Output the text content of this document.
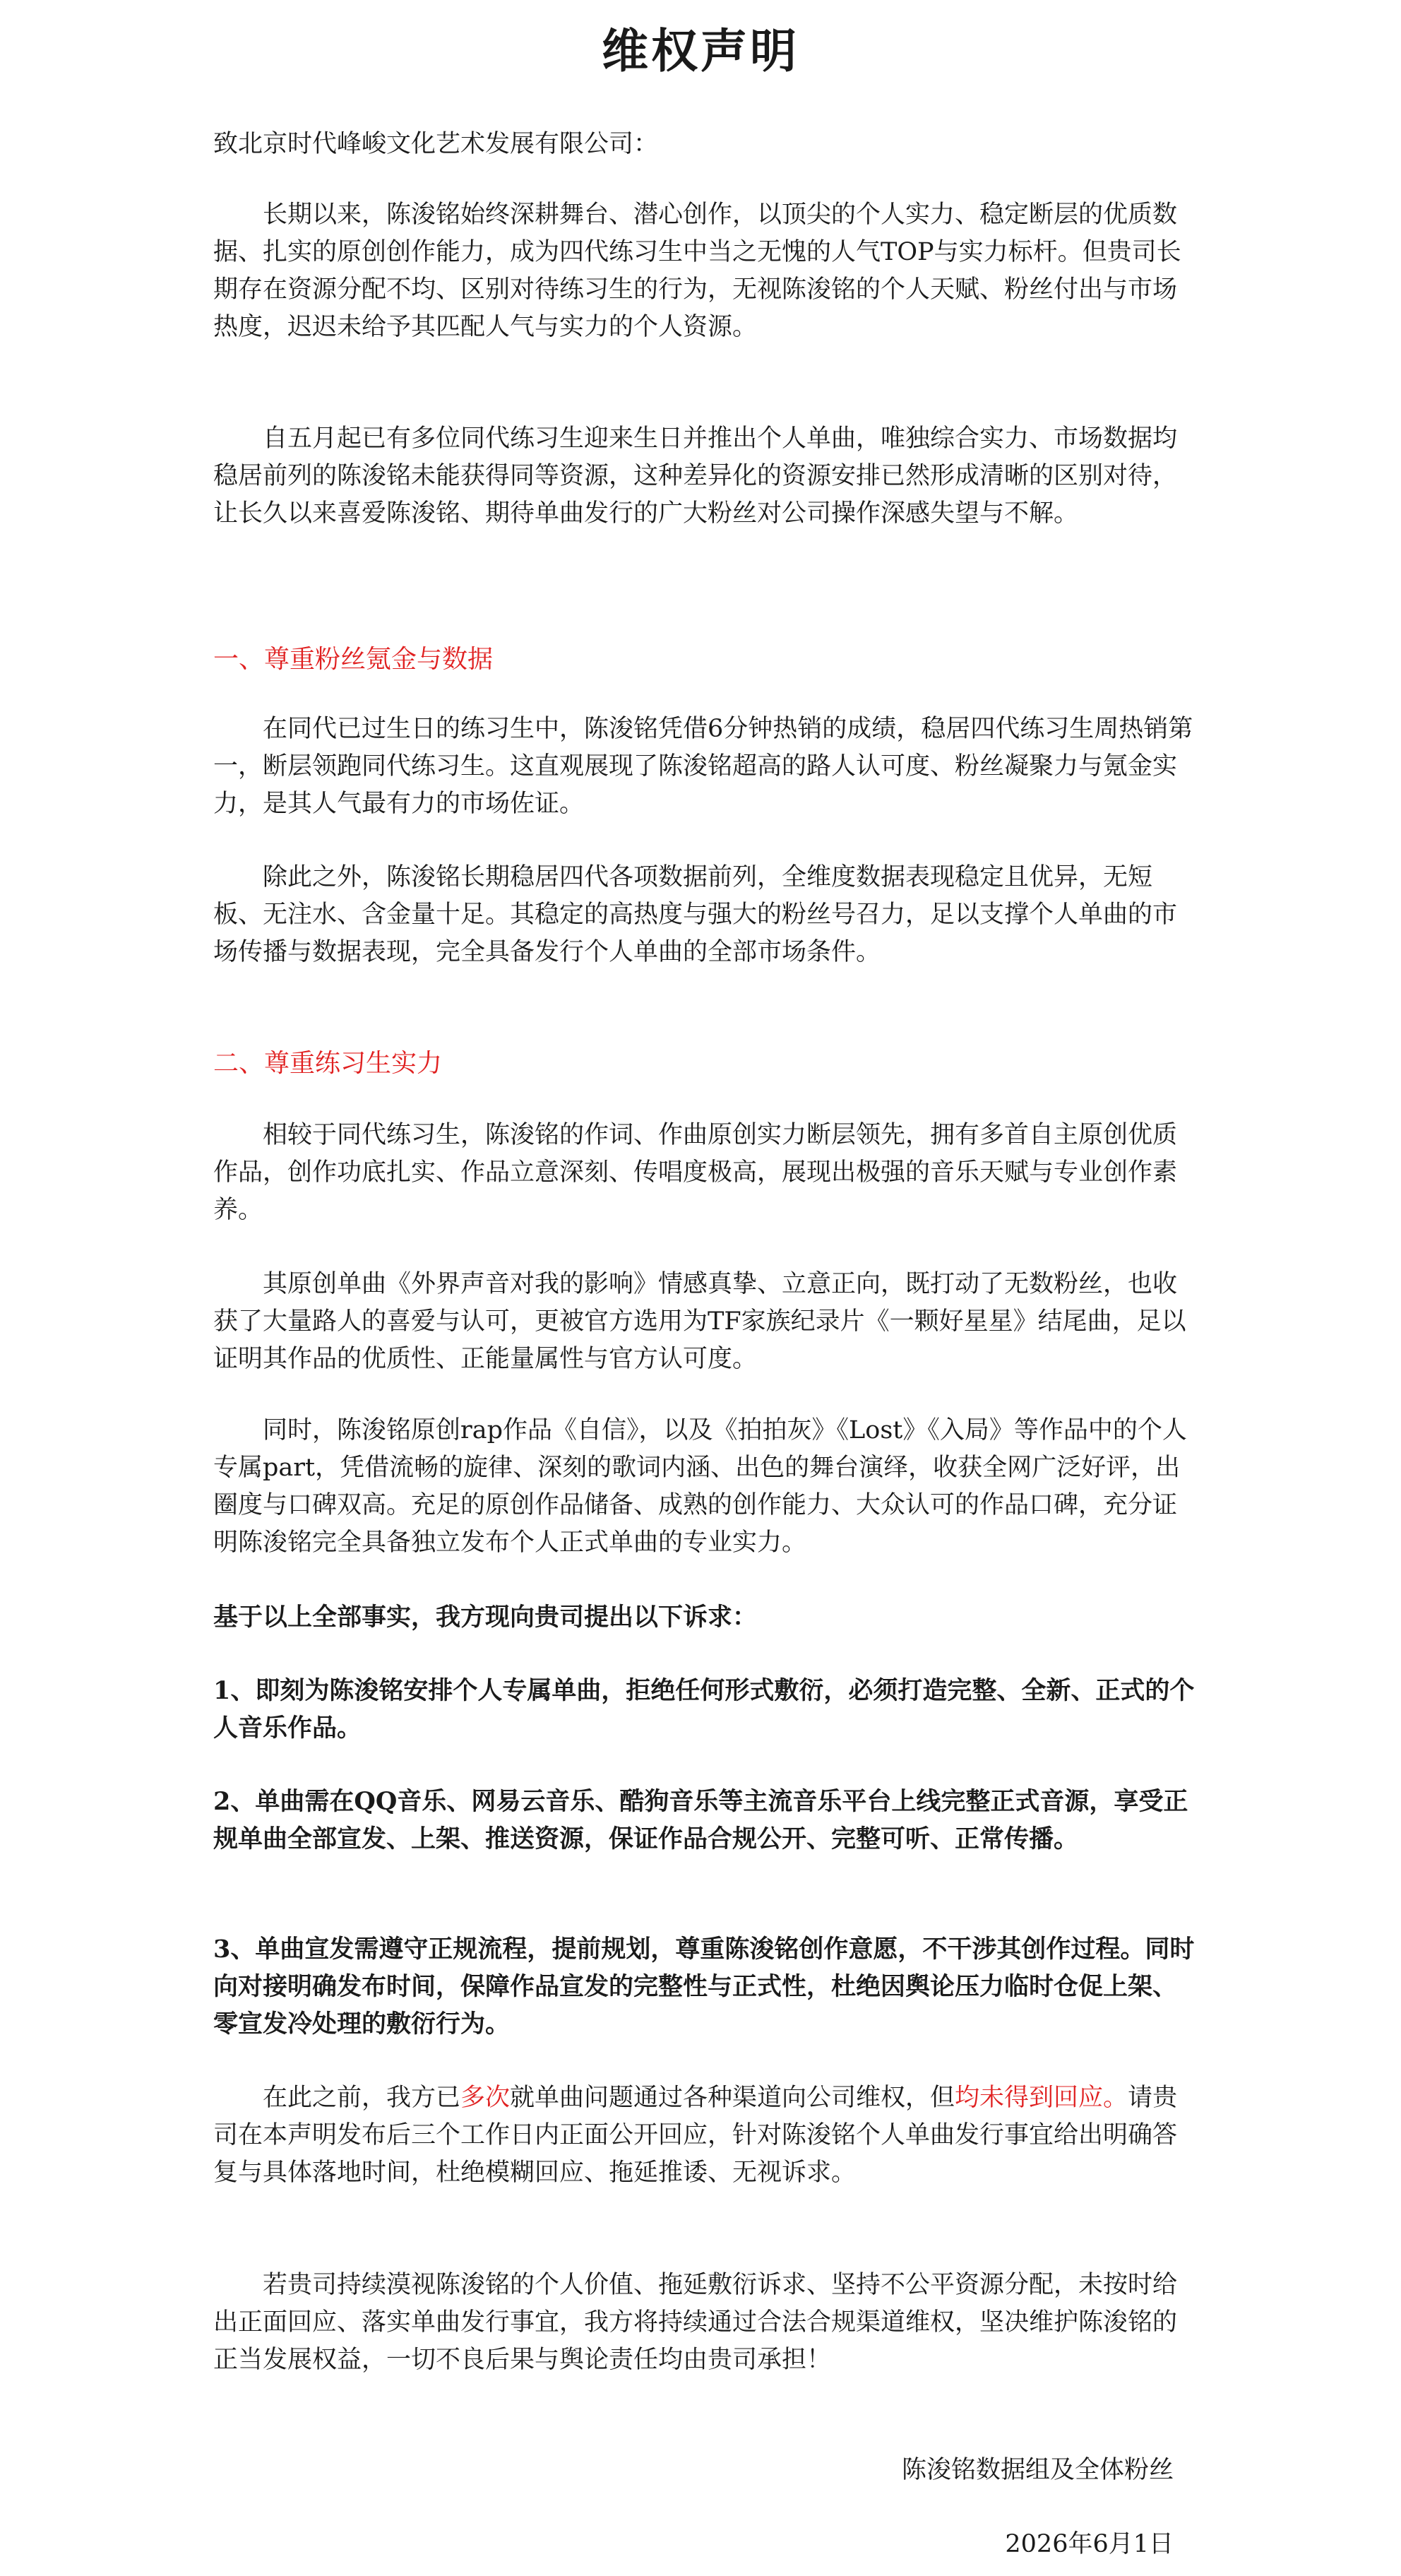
维权声明

致北京时代峰峻文化艺术发展有限公司：

长期以来，陈浚铭始终深耕舞台、潜心创作，以顶尖的个人实力、稳定断层的优质数据、扎实的原创创作能力，成为四代练习生中当之无愧的人气TOP与实力标杆。但贵司长期存在资源分配不均、区别对待练习生的行为，无视陈浚铭的个人天赋、粉丝付出与市场热度，迟迟未给予其匹配人气与实力的个人资源。

自五月起已有多位同代练习生迎来生日并推出个人单曲，唯独综合实力、市场数据均稳居前列的陈浚铭未能获得同等资源，这种差异化的资源安排已然形成清晰的区别对待，让长久以来喜爱陈浚铭、期待单曲发行的广大粉丝对公司操作深感失望与不解。

一、尊重粉丝氪金与数据

在同代已过生日的练习生中，陈浚铭凭借6分钟热销的成绩，稳居四代练习生周热销第一，断层领跑同代练习生。这直观展现了陈浚铭超高的路人认可度、粉丝凝聚力与氪金实力，是其人气最有力的市场佐证。

除此之外，陈浚铭长期稳居四代各项数据前列，全维度数据表现稳定且优异，无短板、无注水、含金量十足。其稳定的高热度与强大的粉丝号召力，足以支撑个人单曲的市场传播与数据表现，完全具备发行个人单曲的全部市场条件。

二、尊重练习生实力

相较于同代练习生，陈浚铭的作词、作曲原创实力断层领先，拥有多首自主原创优质作品，创作功底扎实、作品立意深刻、传唱度极高，展现出极强的音乐天赋与专业创作素养。

其原创单曲《外界声音对我的影响》情感真挚、立意正向，既打动了无数粉丝，也收获了大量路人的喜爱与认可，更被官方选用为TF家族纪录片《一颗好星星》结尾曲，足以证明其作品的优质性、正能量属性与官方认可度。

同时，陈浚铭原创rap作品《自信》，以及《拍拍灰》《Lost》《入局》等作品中的个人专属part，凭借流畅的旋律、深刻的歌词内涵、出色的舞台演绎，收获全网广泛好评，出圈度与口碑双高。充足的原创作品储备、成熟的创作能力、大众认可的作品口碑，充分证明陈浚铭完全具备独立发布个人正式单曲的专业实力。

基于以上全部事实，我方现向贵司提出以下诉求：

1、即刻为陈浚铭安排个人专属单曲，拒绝任何形式敷衍，必须打造完整、全新、正式的个人音乐作品。

2、单曲需在QQ音乐、网易云音乐、酷狗音乐等主流音乐平台上线完整正式音源，享受正规单曲全部宣发、上架、推送资源，保证作品合规公开、完整可听、正常传播。

3、单曲宣发需遵守正规流程，提前规划，尊重陈浚铭创作意愿，不干涉其创作过程。同时向对接明确发布时间，保障作品宣发的完整性与正式性，杜绝因舆论压力临时仓促上架、零宣发冷处理的敷衍行为。

在此之前，我方已多次就单曲问题通过各种渠道向公司维权，但均未得到回应。请贵司在本声明发布后三个工作日内正面公开回应，针对陈浚铭个人单曲发行事宜给出明确答复与具体落地时间，杜绝模糊回应、拖延推诿、无视诉求。

若贵司持续漠视陈浚铭的个人价值、拖延敷衍诉求、坚持不公平资源分配，未按时给出正面回应、落实单曲发行事宜，我方将持续通过合法合规渠道维权，坚决维护陈浚铭的正当发展权益，一切不良后果与舆论责任均由贵司承担！

陈浚铭数据组及全体粉丝

2026年6月1日
